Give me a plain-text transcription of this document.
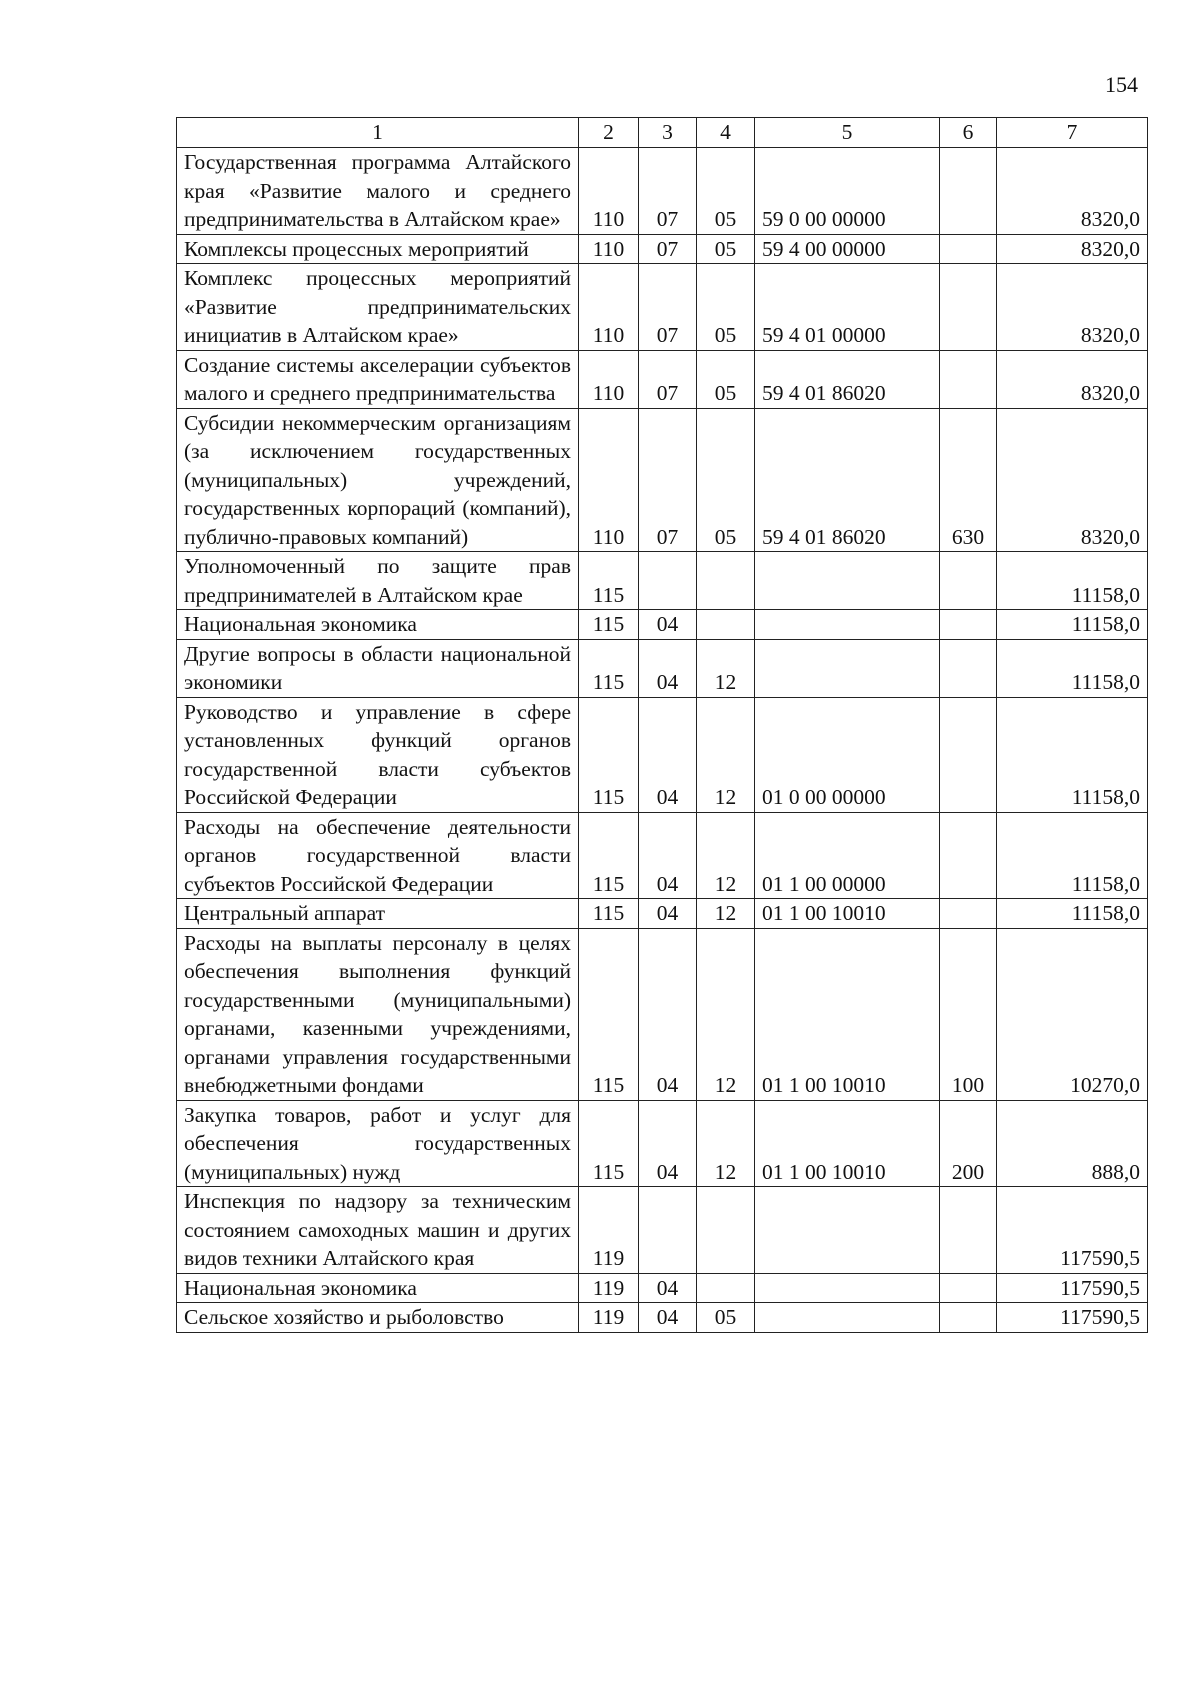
154
1	2	3	4	5	6	7
Государственная программа Алтайского края «Развитие малого и среднего предпринимательства в Алтайском крае»	110	07	05	59 0 00 00000		8320,0
Комплексы процессных мероприятий	110	07	05	59 4 00 00000		8320,0
Комплекс процессных мероприятий «Развитие предпринимательских инициатив в Алтайском крае»	110	07	05	59 4 01 00000		8320,0
Создание системы акселерации субъектов малого и среднего предпринимательства	110	07	05	59 4 01 86020		8320,0
Субсидии некоммерческим организациям (за исключением государственных (муниципальных) учреждений, государственных корпораций (компаний), публично-правовых компаний)	110	07	05	59 4 01 86020	630	8320,0
Уполномоченный по защите прав предпринимателей в Алтайском крае	115					11158,0
Национальная экономика	115	04				11158,0
Другие вопросы в области национальной экономики	115	04	12			11158,0
Руководство и управление в сфере установленных функций органов государственной власти субъектов Российской Федерации	115	04	12	01 0 00 00000		11158,0
Расходы на обеспечение деятельности органов государственной власти субъектов Российской Федерации	115	04	12	01 1 00 00000		11158,0
Центральный аппарат	115	04	12	01 1 00 10010		11158,0
Расходы на выплаты персоналу в целях обеспечения выполнения функций государственными (муниципальными) органами, казенными учреждениями, органами управления государственными внебюджетными фондами	115	04	12	01 1 00 10010	100	10270,0
Закупка товаров, работ и услуг для обеспечения государственных (муниципальных) нужд	115	04	12	01 1 00 10010	200	888,0
Инспекция по надзору за техническим состоянием самоходных машин и других видов техники Алтайского края	119					117590,5
Национальная экономика	119	04				117590,5
Сельское хозяйство и рыболовство	119	04	05			117590,5
